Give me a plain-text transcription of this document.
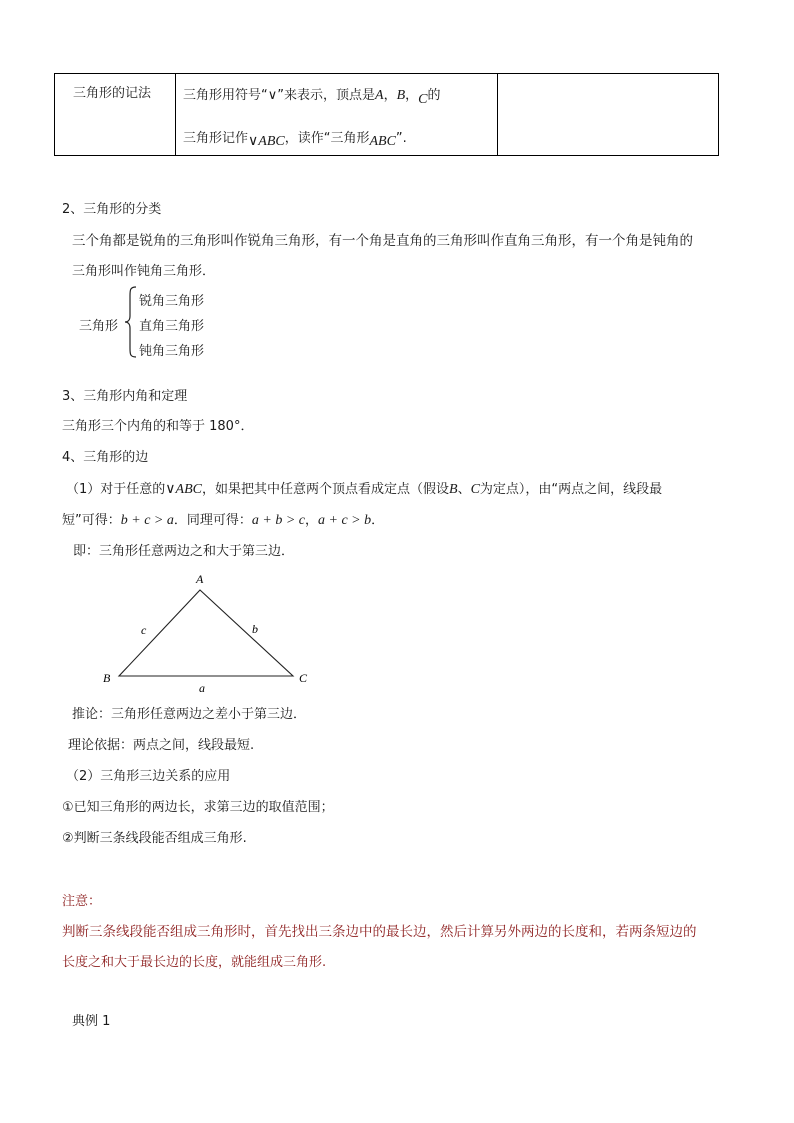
三角形的记法 三角形用符号“∨”来表示，顶点是A，B，C的
三角形记作∨ABC，读作“三角形ABC”.
2、三角形的分类
三个角都是锐角的三角形叫作锐角三角形，有一个角是直角的三角形叫作直角三角形，有一个角是钝角的
三角形叫作钝角三角形．
三角形
锐角三角形
直角三角形
钝角三角形
3、三角形内角和定理
三角形三个内角的和等于 180°．
4、三角形的边
（1）对于任意的∨ABC，如果把其中任意两个顶点看成定点（假设B、C为定点），由“两点之间，线段最
短”可得：b + c > a．同理可得：a + b > c，a + c > b．
即：三角形任意两边之和大于第三边．
A
B	C
a
b
c
推论：三角形任意两边之差小于第三边．
理论依据：两点之间，线段最短.
（2）三角形三边关系的应用
①已知三角形的两边长，求第三边的取值范围；
②判断三条线段能否组成三角形.
注意：
判断三条线段能否组成三角形时，首先找出三条边中的最长边，然后计算另外两边的长度和，若两条短边的
长度之和大于最长边的长度，就能组成三角形.
典例 1
